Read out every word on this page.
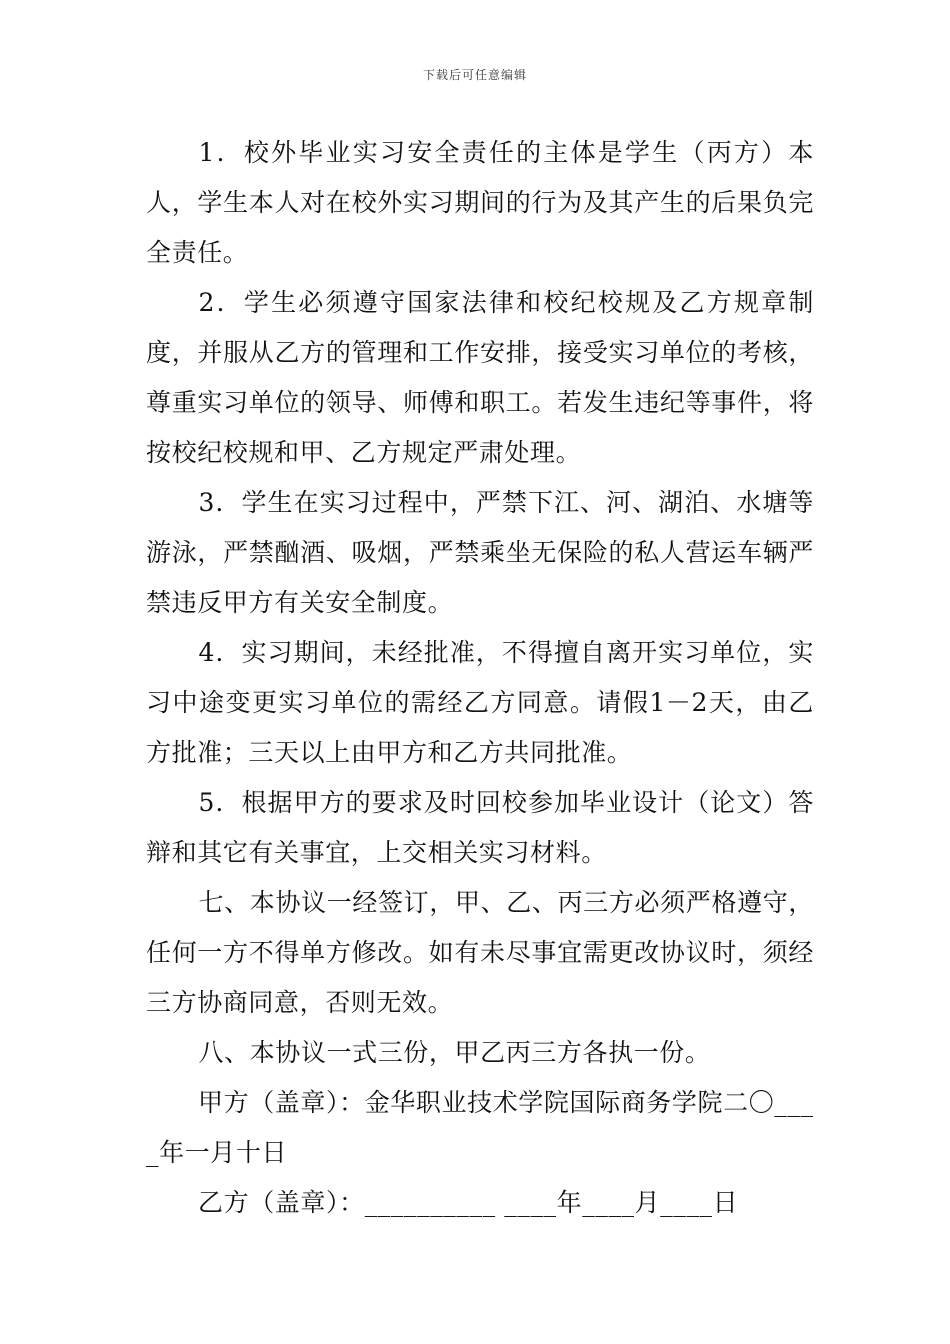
下载后可任意编辑

1．校外毕业实习安全责任的主体是学生（丙方）本人，学生本人对在校外实习期间的行为及其产生的后果负完全责任。

2．学生必须遵守国家法律和校纪校规及乙方规章制度，并服从乙方的管理和工作安排，接受实习单位的考核，尊重实习单位的领导、师傅和职工。若发生违纪等事件，将按校纪校规和甲、乙方规定严肃处理。

3．学生在实习过程中，严禁下江、河、湖泊、水塘等游泳，严禁酗酒、吸烟，严禁乘坐无保险的私人营运车辆严禁违反甲方有关安全制度。

4．实习期间，未经批准，不得擅自离开实习单位，实习中途变更实习单位的需经乙方同意。请假1－2天，由乙方批准；三天以上由甲方和乙方共同批准。

5．根据甲方的要求及时回校参加毕业设计（论文）答辩和其它有关事宜，上交相关实习材料。

七、本协议一经签订，甲、乙、丙三方必须严格遵守，任何一方不得单方修改。如有未尽事宜需更改协议时，须经三方协商同意，否则无效。

八、本协议一式三份，甲乙丙三方各执一份。

甲方（盖章）：金华职业技术学院国际商务学院二〇____年一月十日

乙方（盖章）：__________ ____年____月____日
